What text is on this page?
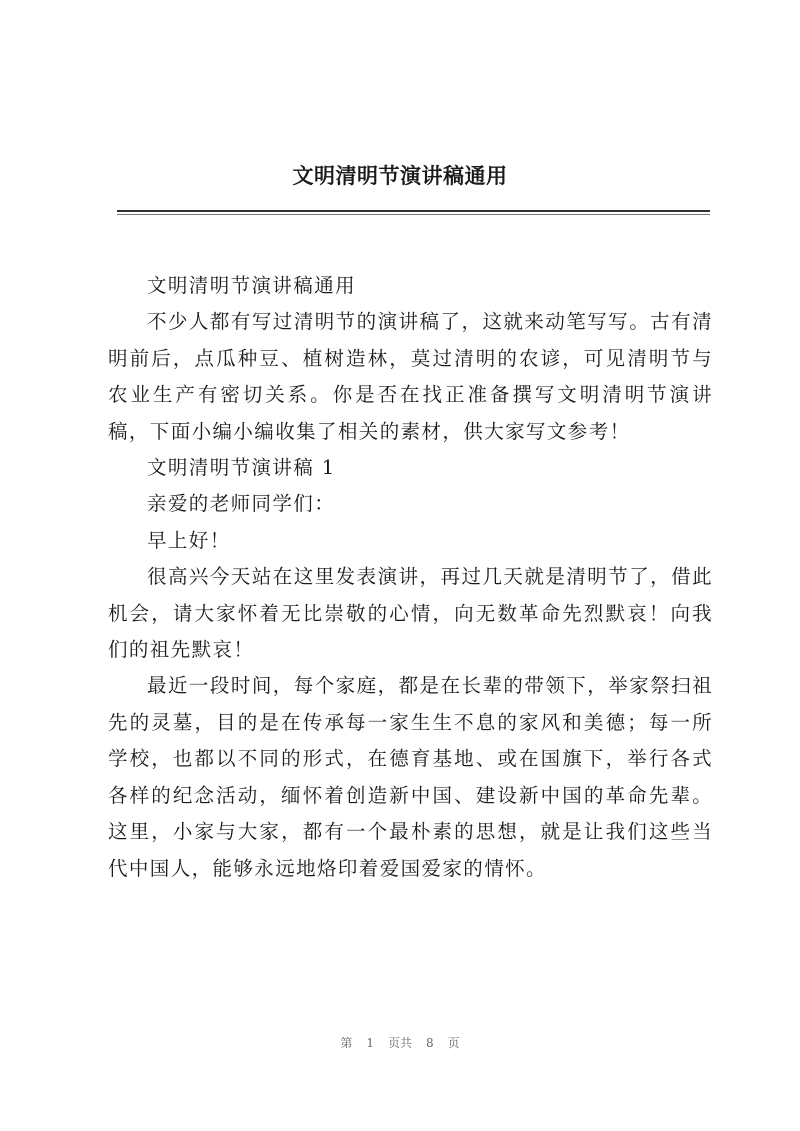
文明清明节演讲稿通用

文明清明节演讲稿通用

不少人都有写过清明节的演讲稿了，这就来动笔写写。古有清明前后，点瓜种豆、植树造林，莫过清明的农谚，可见清明节与农业生产有密切关系。你是否在找正准备撰写文明清明节演讲稿，下面小编小编收集了相关的素材，供大家写文参考！

文明清明节演讲稿 1

亲爱的老师同学们：

早上好！

很高兴今天站在这里发表演讲，再过几天就是清明节了，借此机会，请大家怀着无比崇敬的心情，向无数革命先烈默哀！向我们的祖先默哀！

最近一段时间，每个家庭，都是在长辈的带领下，举家祭扫祖先的灵墓，目的是在传承每一家生生不息的家风和美德；每一所学校，也都以不同的形式，在德育基地、或在国旗下，举行各式各样的纪念活动，缅怀着创造新中国、建设新中国的革命先辈。这里，小家与大家，都有一个最朴素的思想，就是让我们这些当代中国人，能够永远地烙印着爱国爱家的情怀。

第 1 页共 8 页
